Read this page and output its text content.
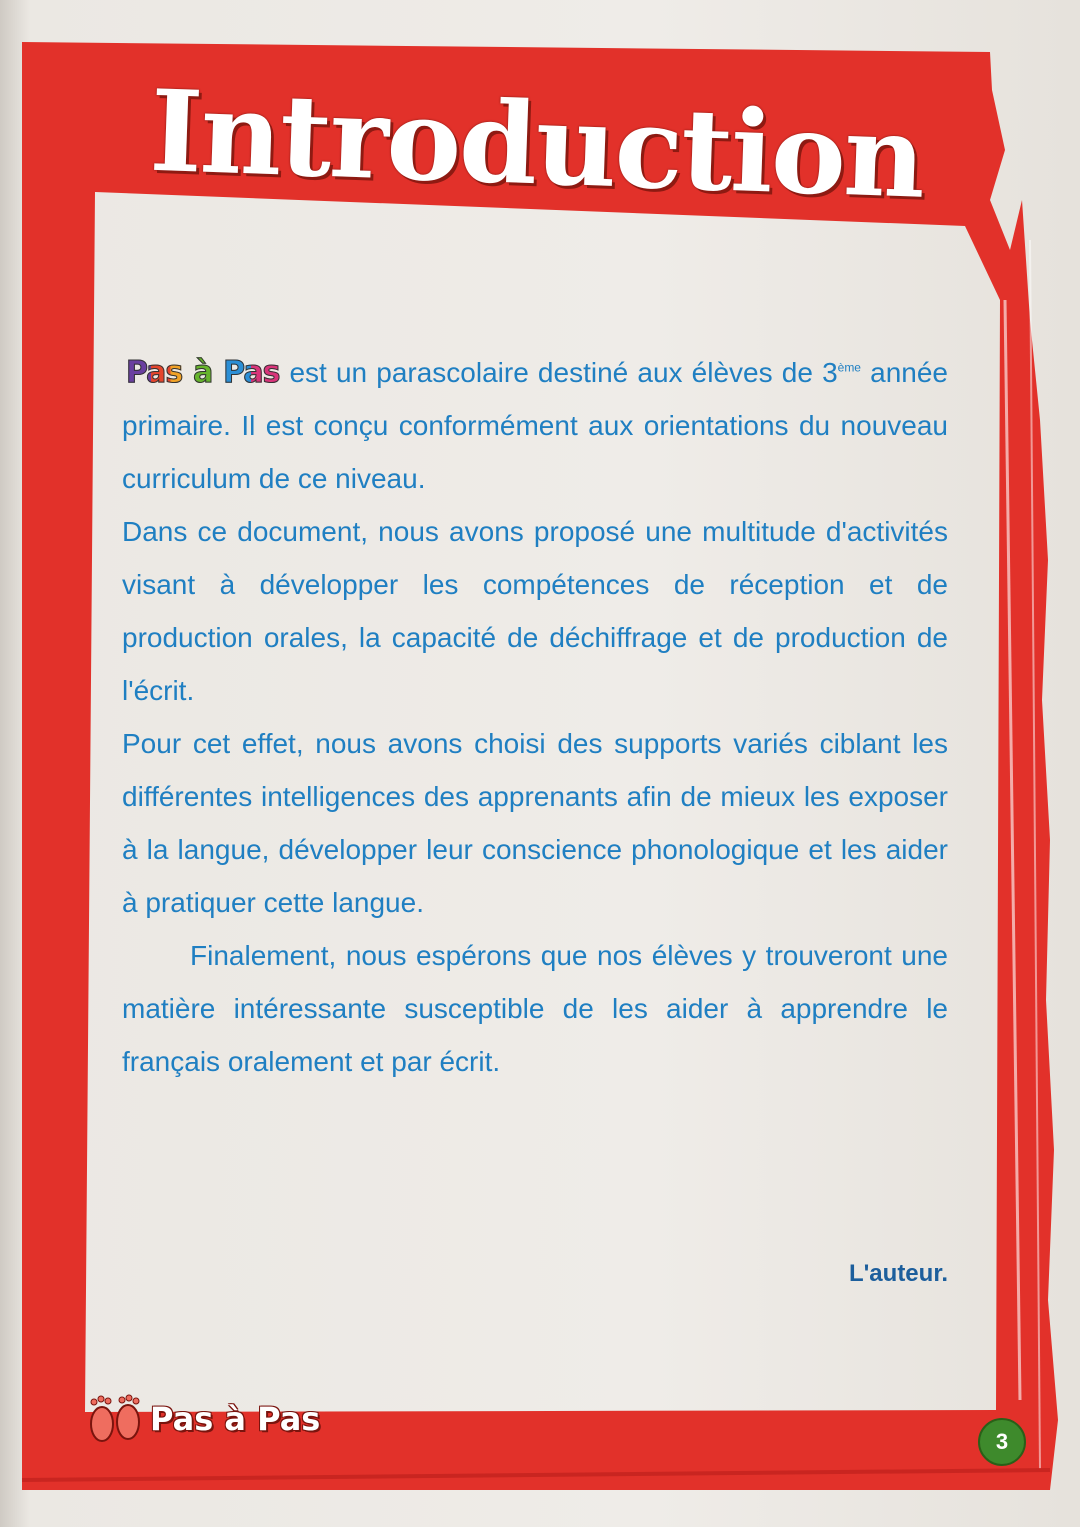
Introduction

Pas à Pas est un parascolaire destiné aux élèves de 3ème année primaire. Il est conçu conformément aux orientations du nouveau curriculum de ce niveau.

Dans ce document, nous avons proposé une multitude d'activités visant à développer les compétences de réception et de production orales, la capacité de déchiffrage et de production de l'écrit.

Pour cet effet, nous avons choisi des supports variés ciblant les différentes intelligences des apprenants afin de mieux les exposer à la langue, développer leur conscience phonologique et les aider à pratiquer cette langue.

Finalement, nous espérons que nos élèves y trouveront une matière intéressante susceptible de les aider à apprendre le français oralement et par écrit.

L'auteur.
Pas à Pas
3
